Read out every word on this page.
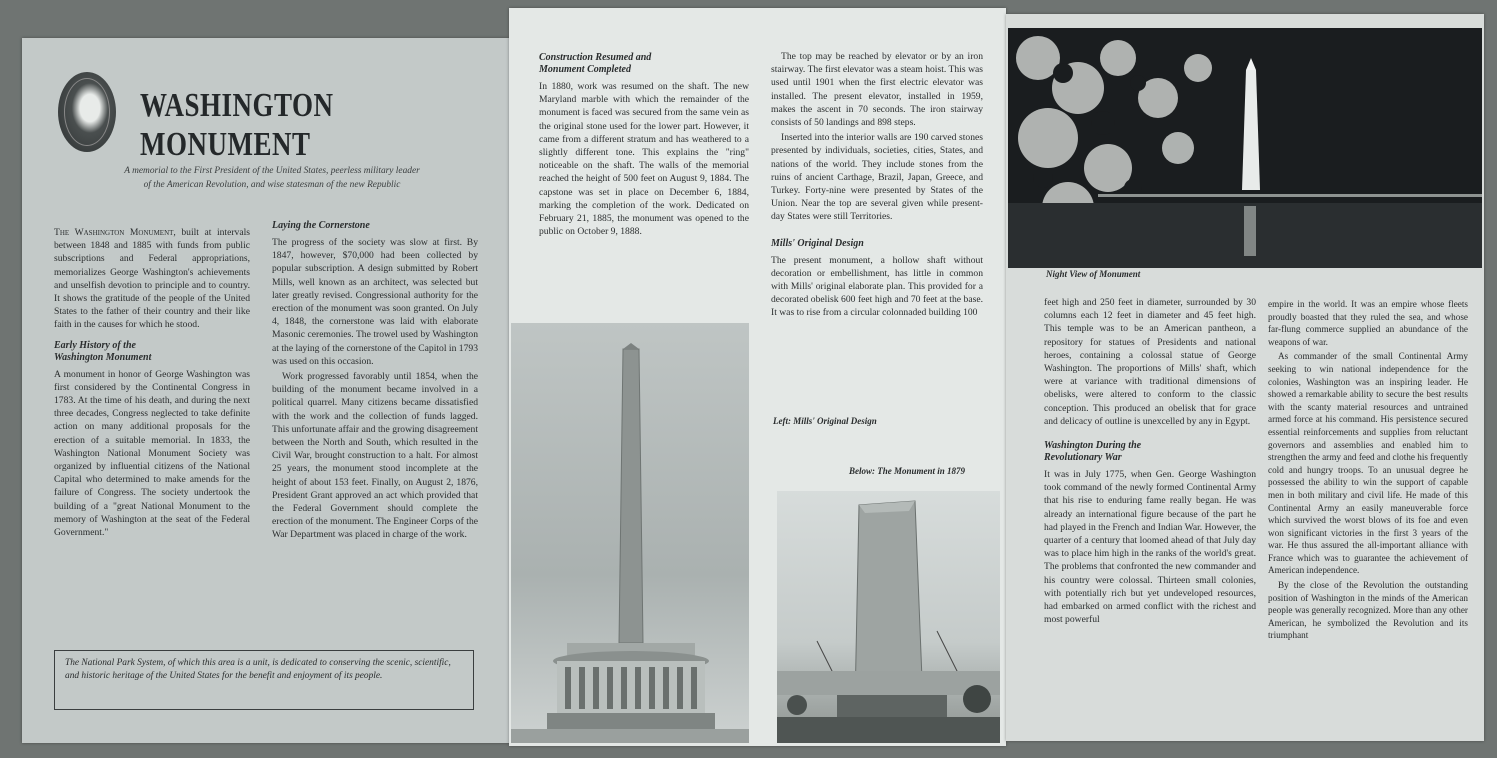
WASHINGTON MONUMENT
A memorial to the First President of the United States, peerless military leader
of the American Revolution, and wise statesman of the new Republic

The Washington Monument, built at intervals between 1848 and 1885 with funds from public subscriptions and Federal appropriations, memorializes George Washington's achievements and unselfish devotion to principle and to country. It shows the gratitude of the people of the United States to the father of their country and their like faith in the causes for which he stood.

Early History of the
Washington Monument

A monument in honor of George Washington was first considered by the Continental Congress in 1783. At the time of his death, and during the next three decades, Congress neglected to take definite action on many additional proposals for the erection of a suitable memorial. In 1833, the Washington National Monument Society was organized by influential citizens of the National Capital who determined to make amends for the failure of Congress. The society undertook the building of a "great National Monument to the memory of Washington at the seat of the Federal Government."

Laying the Cornerstone

The progress of the society was slow at first. By 1847, however, $70,000 had been collected by popular subscription. A design submitted by Robert Mills, well known as an architect, was selected but later greatly revised. Congressional authority for the erection of the monument was soon granted. On July 4, 1848, the cornerstone was laid with elaborate Masonic ceremonies. The trowel used by Washington at the laying of the cornerstone of the Capitol in 1793 was used on this occasion.

Work progressed favorably until 1854, when the building of the monument became involved in a political quarrel. Many citizens became dissatisfied with the work and the collection of funds lagged. This unfortunate affair and the growing disagreement between the North and South, which resulted in the Civil War, brought construction to a halt. For almost 25 years, the monument stood incomplete at the height of about 153 feet. Finally, on August 2, 1876, President Grant approved an act which provided that the Federal Government should complete the erection of the monument. The Engineer Corps of the War Department was placed in charge of the work.

The National Park System, of which this area is a unit, is dedicated to conserving the scenic, scientific, and historic heritage of the United States for the benefit and enjoyment of its people.
Construction Resumed and
Monument Completed

In 1880, work was resumed on the shaft. The new Maryland marble with which the remainder of the monument is faced was secured from the same vein as the original stone used for the lower part. However, it came from a different stratum and has weathered to a slightly different tone. This explains the "ring" noticeable on the shaft. The walls of the memorial reached the height of 500 feet on August 9, 1884. The capstone was set in place on December 6, 1884, marking the completion of the work. Dedicated on February 21, 1885, the monument was opened to the public on October 9, 1888.

The top may be reached by elevator or by an iron stairway. The first elevator was a steam hoist. This was used until 1901 when the first electric elevator was installed. The present elevator, installed in 1959, makes the ascent in 70 seconds. The iron stairway consists of 50 landings and 898 steps.

Inserted into the interior walls are 190 carved stones presented by individuals, societies, cities, States, and nations of the world. They include stones from the ruins of ancient Carthage, Brazil, Japan, Greece, and Turkey. Forty-nine were presented by States of the Union. Near the top are several given while present-day States were still Territories.

Mills' Original Design

The present monument, a hollow shaft without decoration or embellishment, has little in common with Mills' original elaborate plan. This provided for a decorated obelisk 600 feet high and 70 feet at the base. It was to rise from a circular colonnaded building 100

Left: Mills' Original Design
Below: The Monument in 1879
Night View of Monument

feet high and 250 feet in diameter, surrounded by 30 columns each 12 feet in diameter and 45 feet high. This temple was to be an American pantheon, a repository for statues of Presidents and national heroes, containing a colossal statue of George Washington. The proportions of Mills' shaft, which were at variance with traditional dimensions of obelisks, were altered to conform to the classic conception. This produced an obelisk that for grace and delicacy of outline is unexcelled by any in Egypt.

Washington During the
Revolutionary War

It was in July 1775, when Gen. George Washington took command of the newly formed Continental Army that his rise to enduring fame really began. He was already an international figure because of the part he had played in the French and Indian War. However, the quarter of a century that loomed ahead of that July day was to place him high in the ranks of the world's great. The problems that confronted the new commander and his country were colossal. Thirteen small colonies, with potentially rich but yet undeveloped resources, had embarked on armed conflict with the richest and most powerful

empire in the world. It was an empire whose fleets proudly boasted that they ruled the sea, and whose far-flung commerce supplied an abundance of the weapons of war.

As commander of the small Continental Army seeking to win national independence for the colonies, Washington was an inspiring leader. He showed a remarkable ability to secure the best results with the scanty material resources and untrained armed force at his command. His persistence secured essential reinforcements and supplies from reluctant governors and assemblies and enabled him to strengthen the army and feed and clothe his frequently cold and hungry troops. To an unusual degree he possessed the ability to win the support of capable men in both military and civil life. He made of this Continental Army an easily maneuverable force which survived the worst blows of its foe and even won significant victories in the first 3 years of the war. He thus assured the all-important alliance with France which was to guarantee the achievement of American independence.

By the close of the Revolution the outstanding position of Washington in the minds of the American people was generally recognized. More than any other American, he symbolized the Revolution and its triumphant
